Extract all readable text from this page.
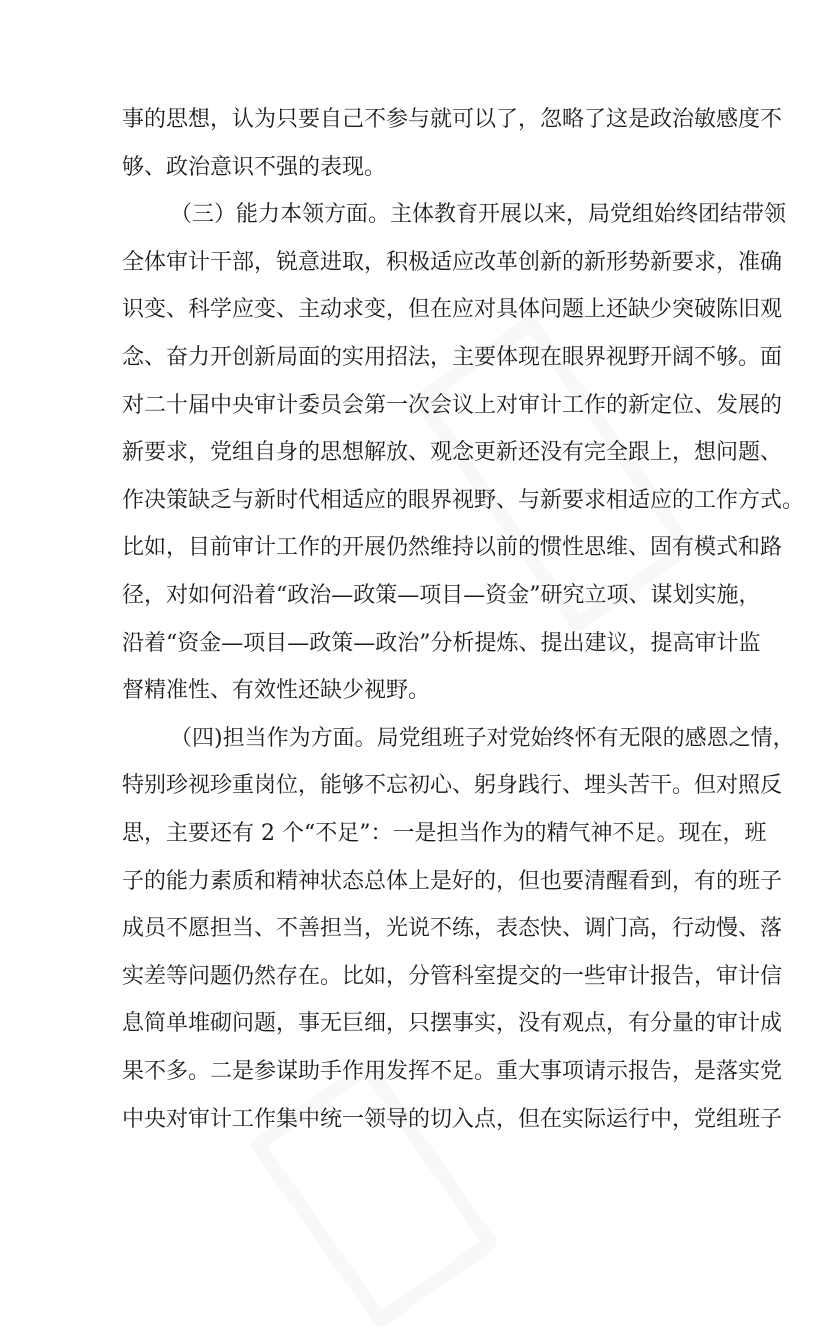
事的思想，认为只要自己不参与就可以了，忽略了这是政治敏感度不
够、政治意识不强的表现。
（三）能力本领方面。主体教育开展以来，局党组始终团结带领
全体审计干部，锐意进取，积极适应改革创新的新形势新要求，准确
识变、科学应变、主动求变，但在应对具体问题上还缺少突破陈旧观
念、奋力开创新局面的实用招法，主要体现在眼界视野开阔不够。面
对二十届中央审计委员会第一次会议上对审计工作的新定位、发展的
新要求，党组自身的思想解放、观念更新还没有完全跟上，想问题、
作决策缺乏与新时代相适应的眼界视野、与新要求相适应的工作方式。
比如，目前审计工作的开展仍然维持以前的惯性思维、固有模式和路
径，对如何沿着“政治—政策—项目—资金”研究立项、谋划实施，
沿着“资金—项目—政策—政治”分析提炼、提出建议，提高审计监
督精准性、有效性还缺少视野。
（四)担当作为方面。局党组班子对党始终怀有无限的感恩之情，
特别珍视珍重岗位，能够不忘初心、躬身践行、埋头苦干。但对照反
思，主要还有 2 个“不足”：一是担当作为的精气神不足。现在，班
子的能力素质和精神状态总体上是好的，但也要清醒看到，有的班子
成员不愿担当、不善担当，光说不练，表态快、调门高，行动慢、落
实差等问题仍然存在。比如，分管科室提交的一些审计报告，审计信
息简单堆砌问题，事无巨细，只摆事实，没有观点，有分量的审计成
果不多。二是参谋助手作用发挥不足。重大事项请示报告，是落实党
中央对审计工作集中统一领导的切入点，但在实际运行中，党组班子
